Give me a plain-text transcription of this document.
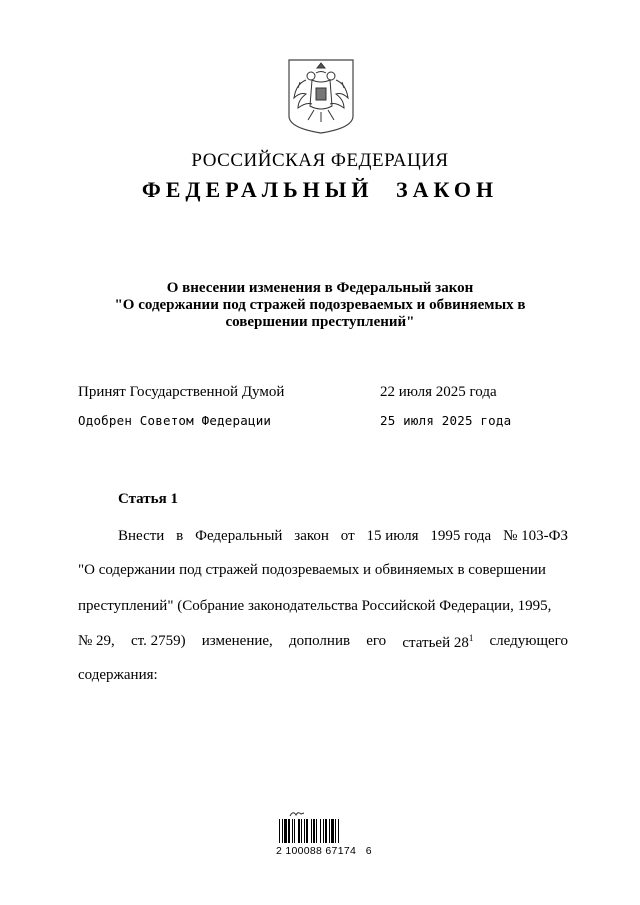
РОССИЙСКАЯ ФЕДЕРАЦИЯ
ФЕДЕРАЛЬНЫЙ ЗАКОН
О внесении изменения в Федеральный закон
"О содержании под стражей подозреваемых и обвиняемых в
совершении преступлений"
Принят Государственной Думой	22 июля 2025 года
Одобрен Советом Федерации	25 июля 2025 года
Статья 1
Внести в Федеральный закон от 15 июля 1995 года № 103-ФЗ
"О содержании под стражей подозреваемых и обвиняемых в совершении
преступлений" (Собрание законодательства Российской Федерации, 1995,
№ 29, ст. 2759) изменение, дополнив его статьей $28^1$ следующего
содержания:
2 100088 67174   6
